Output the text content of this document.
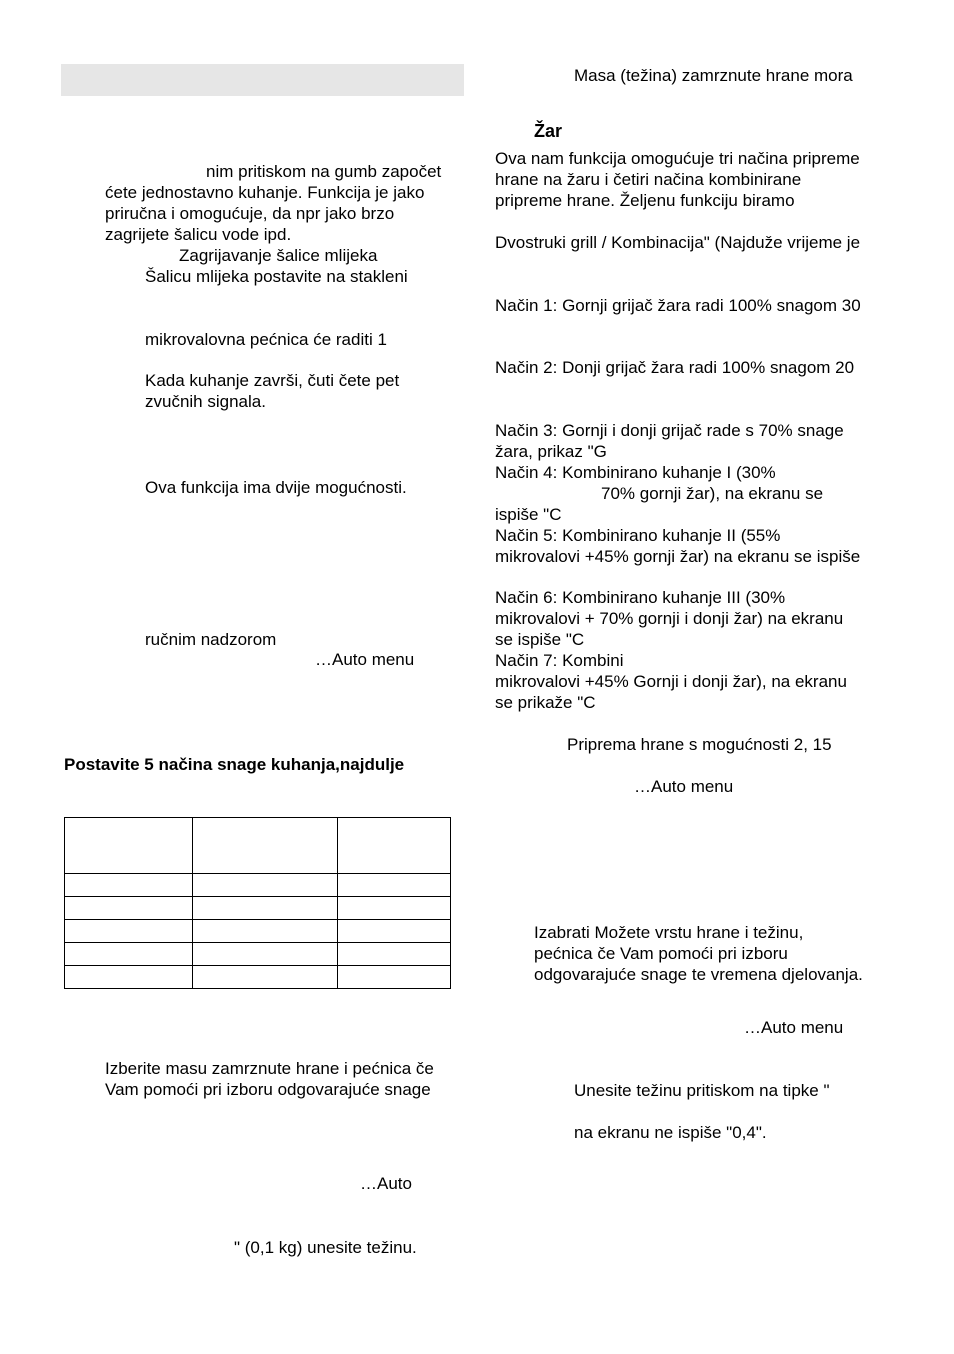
nim pritiskom na gumb započet
ćete jednostavno kuhanje. Funkcija je jako
priručna i omogućuje, da npr jako brzo
zagrijete šalicu vode ipd.
Zagrijavanje šalice mlijeka
Šalicu mlijeka postavite na stakleni
mikrovalovna pećnica će raditi 1
Kada kuhanje završi, čuti čete pet
zvučnih signala.
Ova funkcija ima dvije mogućnosti.
ručnim nadzorom
…Auto menu
Postavite 5 načina snage kuhanja,najdulje

Izberite masu zamrznute hrane i pećnica če
Vam pomoći pri izboru odgovarajuće snage
…Auto
" (0,1 kg) unesite težinu.
Masa (težina) zamrznute hrane mora
Žar
Ova nam funkcija omogućuje tri načina pripreme
hrane na žaru i četiri načina kombinirane
pripreme hrane. Željenu funkciju biramo
Dvostruki grill / Kombinacija" (Najduže vrijeme je
Način 1: Gornji grijač žara radi 100% snagom 30
Način 2: Donji grijač žara radi 100% snagom 20
Način 3: Gornji i donji grijač rade s 70% snage
žara, prikaz "G
Način 4: Kombinirano kuhanje I (30%
70% gornji žar), na ekranu se
ispiše "C
Način 5: Kombinirano kuhanje II (55%
mikrovalovi +45% gornji žar) na ekranu se ispiše
Način 6: Kombinirano kuhanje III (30%
mikrovalovi + 70% gornji i donji žar) na ekranu
se ispiše "C
Način 7: Kombini
mikrovalovi +45% Gornji i donji žar), na ekranu
se prikaže "C
Priprema hrane s mogućnosti 2, 15
…Auto menu
Izabrati Možete vrstu hrane i težinu,
pećnica če Vam pomoći pri izboru
odgovarajuće snage te vremena djelovanja.
…Auto menu
Unesite težinu pritiskom na tipke "
na ekranu ne ispiše "0,4".
